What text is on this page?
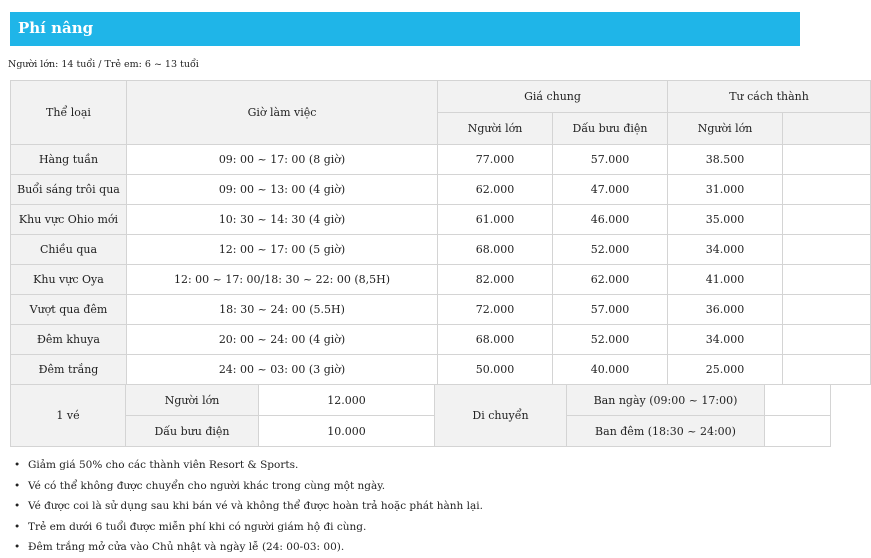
Phí nâng
Người lớn: 14 tuổi / Trẻ em: 6 ~ 13 tuổi
Thể loại	Giờ làm việc	Giá chung		Tư cách thành	
		Người lớn	Dấu bưu điện	Người lớn	
Hàng tuần	09: 00 ~ 17: 00 (8 giờ)	77.000	57.000	38.500	
Buổi sáng trôi qua	09: 00 ~ 13: 00 (4 giờ)	62.000	47.000	31.000	
Khu vực Ohio mới	10: 30 ~ 14: 30 (4 giờ)	61.000	46.000	35.000	
Chiều qua	12: 00 ~ 17: 00 (5 giờ)	68.000	52.000	34.000	
Khu vực Oya	12: 00 ~ 17: 00/18: 30 ~ 22: 00 (8,5H)	82.000	62.000	41.000	
Vượt qua đêm	18: 30 ~ 24: 00 (5.5H)	72.000	57.000	36.000	
Đêm khuya	20: 00 ~ 24: 00 (4 giờ)	68.000	52.000	34.000	
Đêm trắng	24: 00 ~ 03: 00 (3 giờ)	50.000	40.000	25.000	
1 vé	Người lớn	12.000	Di chuyển	Ban ngày (09:00 ~ 17:00)	
	Dấu bưu điện	10.000		Ban đêm (18:30 ~ 24:00)	
• Giảm giá 50% cho các thành viên Resort & Sports.
• Vé có thể không được chuyển cho người khác trong cùng một ngày.
• Vé được coi là sử dụng sau khi bán vé và không thể được hoàn trả hoặc phát hành lại.
• Trẻ em dưới 6 tuổi được miễn phí khi có người giám hộ đi cùng.
• Đêm trắng mở cửa vào Chủ nhật và ngày lễ (24: 00-03: 00).
